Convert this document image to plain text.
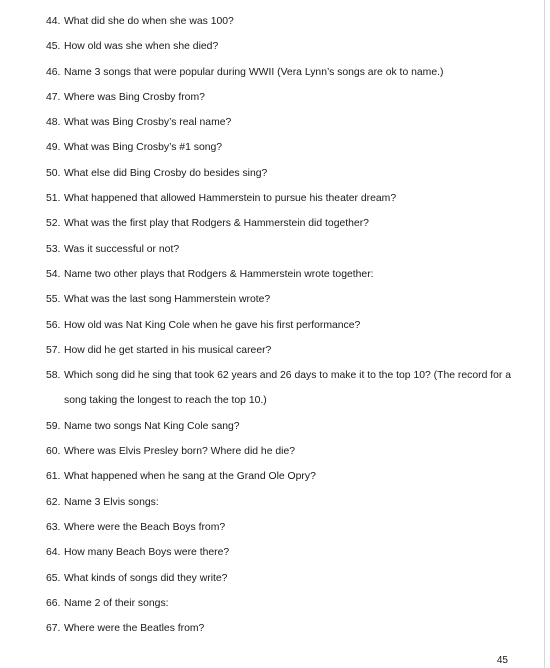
44. What did she do when she was 100?
45. How old was she when she died?
46. Name 3 songs that were popular during WWII (Vera Lynn’s songs are ok to name.)
47. Where was Bing Crosby from?
48. What was Bing Crosby’s real name?
49. What was Bing Crosby’s #1 song?
50. What else did Bing Crosby do besides sing?
51. What happened that allowed Hammerstein to pursue his theater dream?
52. What was the first play that Rodgers & Hammerstein did together?
53. Was it successful or not?
54. Name two other plays that Rodgers & Hammerstein wrote together:
55. What was the last song Hammerstein wrote?
56. How old was Nat King Cole when he gave his first performance?
57. How did he get started in his musical career?
58. Which song did he sing that took 62 years and 26 days to make it to the top 10? (The record for a song taking the longest to reach the top 10.)
59. Name two songs Nat King Cole sang?
60. Where was Elvis Presley born? Where did he die?
61. What happened when he sang at the Grand Ole Opry?
62. Name 3 Elvis songs:
63. Where were the Beach Boys from?
64. How many Beach Boys were there?
65. What kinds of songs did they write?
66. Name 2 of their songs:
67. Where were the Beatles from?
45
